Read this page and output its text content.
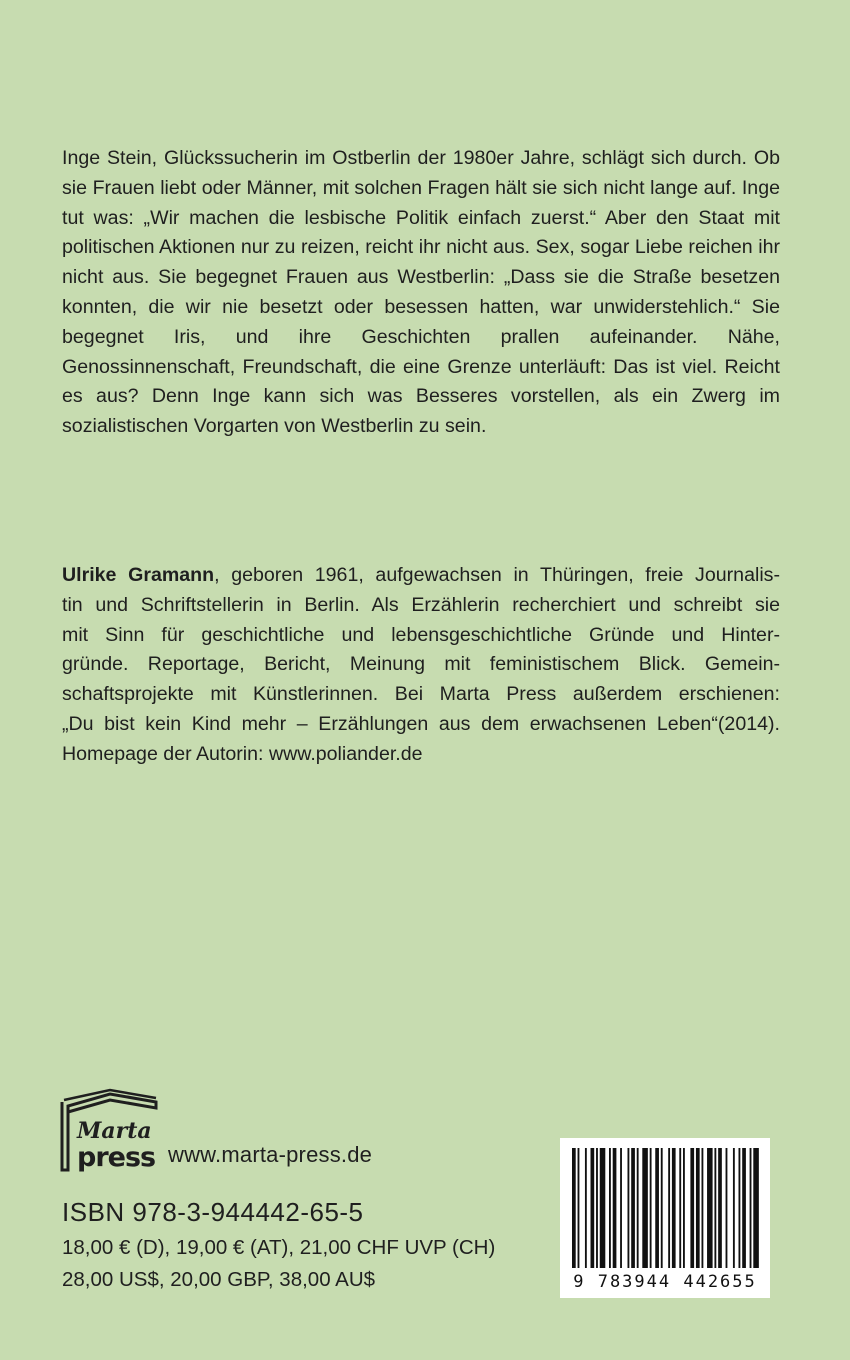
Inge Stein, Glückssucherin im Ostberlin der 1980er Jahre, schlägt sich durch. Ob sie Frauen liebt oder Männer, mit solchen Fragen hält sie sich nicht lange auf. Inge tut was: „Wir machen die lesbische Politik einfach zuerst.“ Aber den Staat mit politischen Aktionen nur zu reizen, reicht ihr nicht aus. Sex, sogar Liebe reichen ihr nicht aus. Sie begegnet Frauen aus Westberlin: „Dass sie die Straße besetzen konnten, die wir nie besetzt oder besessen hatten, war unwiderstehlich.“ Sie begegnet Iris, und ihre Geschichten prallen aufeinander. Nähe, Genossinnenschaft, Freundschaft, die eine Grenze unterläuft: Das ist viel. Reicht es aus? Denn Inge kann sich was Besseres vorstellen, als ein Zwerg im sozialistischen Vorgarten von Westberlin zu sein.

Ulrike Gramann, geboren 1961, aufgewachsen in Thüringen, freie Journalis-
tin und Schriftstellerin in Berlin. Als Erzählerin recherchiert und schreibt sie
mit Sinn für geschichtliche und lebensgeschichtliche Gründe und Hinter-
gründe. Reportage, Bericht, Meinung mit feministischem Blick. Gemein-
schaftsprojekte mit Künstlerinnen. Bei Marta Press außerdem erschienen:
„Du bist kein Kind mehr – Erzählungen aus dem erwachsenen Leben“(2014).
Homepage der Autorin: www.poliander.de

Marta
press www.marta-press.de
ISBN 978-3-944442-65-5
18,00 € (D), 19,00 € (AT), 21,00 CHF UVP (CH)
28,00 US$, 20,00 GBP, 38,00 AU$	9 783944 442655
